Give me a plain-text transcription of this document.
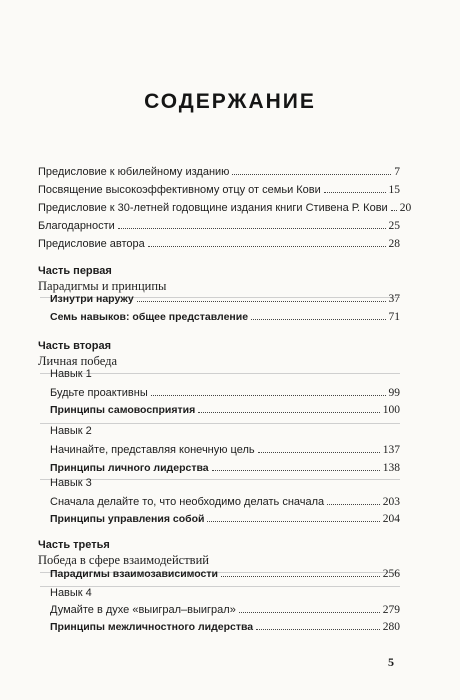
СОДЕРЖАНИЕ
Предисловие к юбилейному изданию	7
Посвящение высокоэффективному отцу от семьи Кови	15
Предисловие к 30-летней годовщине издания книги Стивена Р. Кови 20
Благодарности	25
Предисловие автора	28
Часть первая
Парадигмы и принципы
Изнутри наружу	37
Семь навыков: общее представление	71
Часть вторая
Личная победа
Навык 1
Будьте проактивны	99
Принципы самовосприятия	100
Навык 2
Начинайте, представляя конечную цель	137
Принципы личного лидерства	138
Навык 3
Сначала делайте то, что необходимо делать сначала	203
Принципы управления собой	204
Часть третья
Победа в сфере взаимодействий
Парадигмы взаимозависимости	256
Навык 4
Думайте в духе «выиграл–выиграл»	279
Принципы межличностного лидерства	280
5
